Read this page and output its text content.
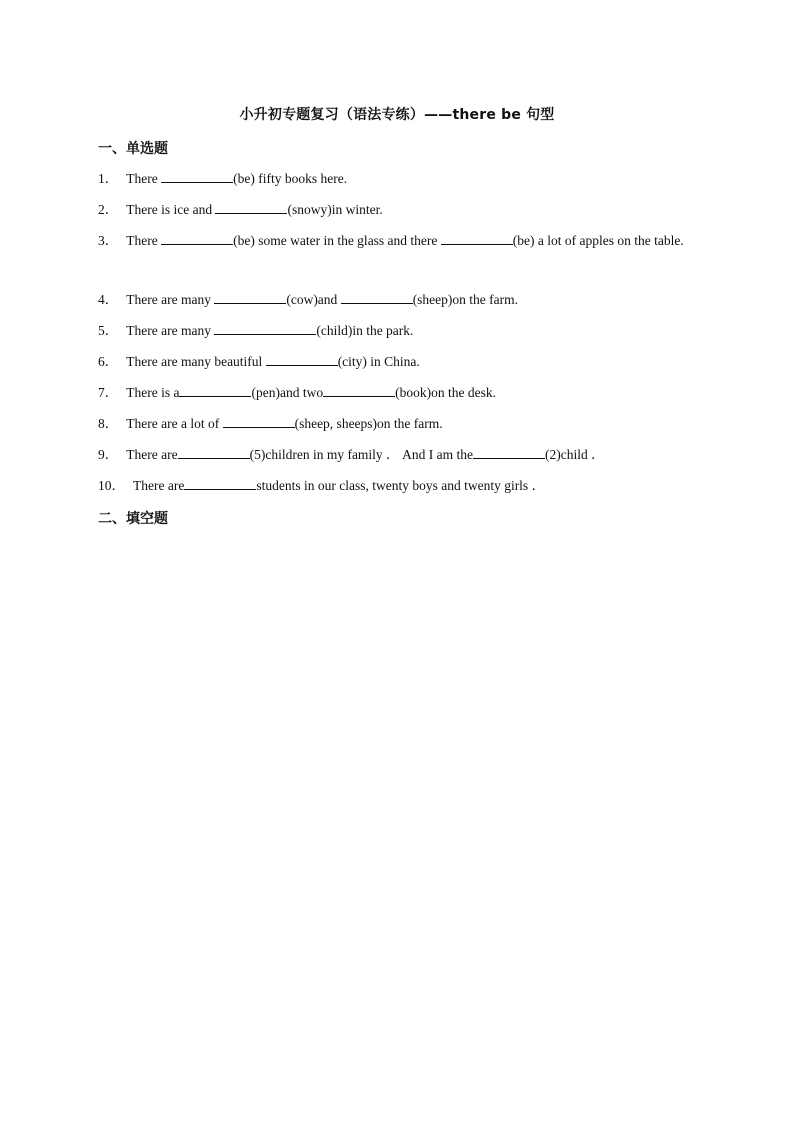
小升初专题复习（语法专练）——there be 句型
一、单选题
1． There	(be) fifty books here.
2． There is ice and	(snowy)in winter.
3． There	(be) some water in the glass and there	(be) a lot of apples on the table.
4． There are many	(cow)and	(sheep)on the farm.
5． There are many	(child)in the park.
6． There are many beautiful	(city) in China.
7． There is a	(pen)and two	(book)on the desk.
8． There are a lot of	(sheep, sheeps)on the farm.
9． There are	(5)children in my family ． And I am the	(2)child ．
10． There are	students in our class, twenty boys and twenty girls ．
二、填空题
